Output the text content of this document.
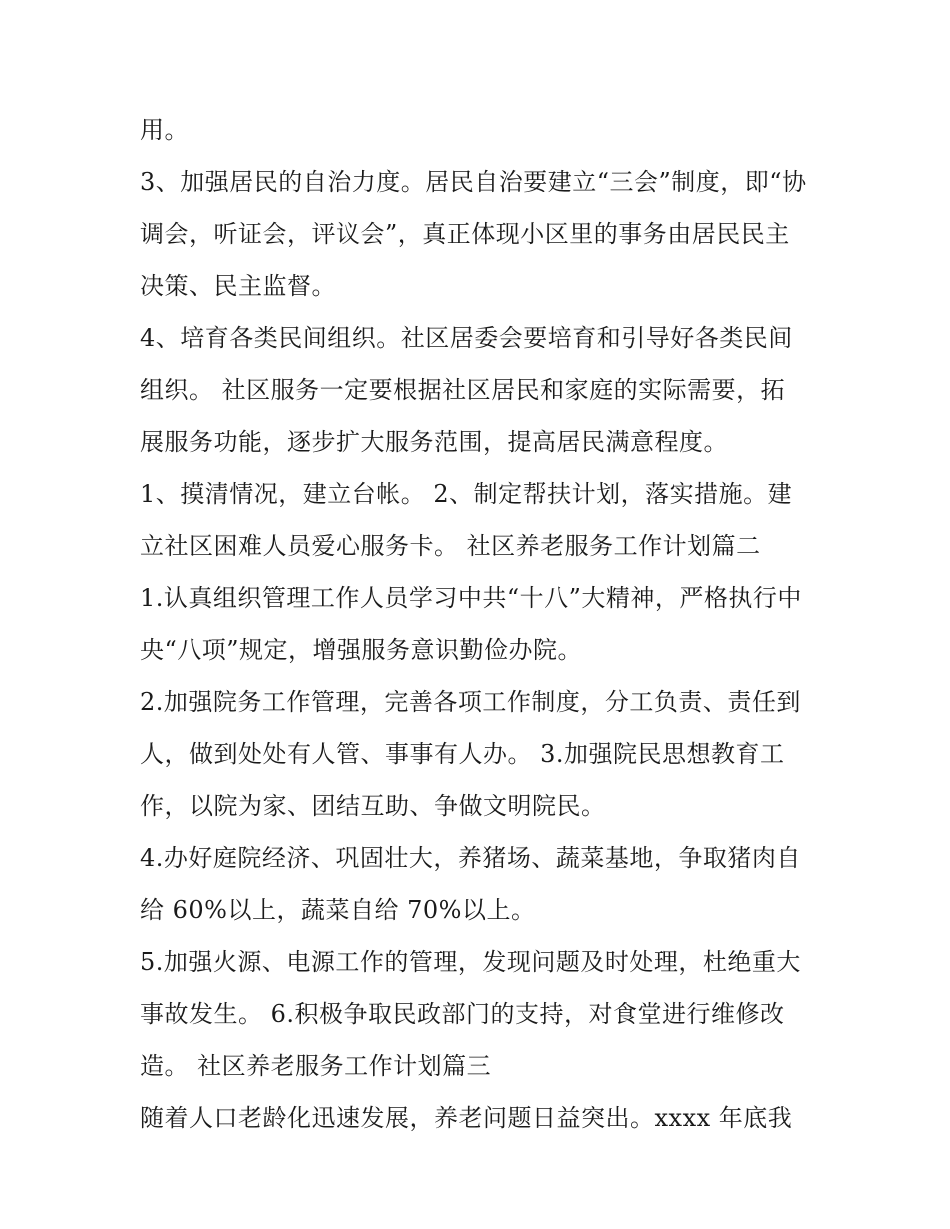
用。
3、加强居民的自治力度。居民自治要建立“三会”制度，即“协
调会，听证会，评议会”，真正体现小区里的事务由居民民主
决策、民主监督。
4、培育各类民间组织。社区居委会要培育和引导好各类民间
组织。 社区服务一定要根据社区居民和家庭的实际需要，拓
展服务功能，逐步扩大服务范围，提高居民满意程度。
1、摸清情况，建立台帐。 2、制定帮扶计划，落实措施。建
立社区困难人员爱心服务卡。 社区养老服务工作计划篇二
1.认真组织管理工作人员学习中共“十八”大精神，严格执行中
央“八项”规定，增强服务意识勤俭办院。
2.加强院务工作管理，完善各项工作制度，分工负责、责任到
人，做到处处有人管、事事有人办。 3.加强院民思想教育工
作，以院为家、团结互助、争做文明院民。
4.办好庭院经济、巩固壮大，养猪场、蔬菜基地，争取猪肉自
给 60%以上，蔬菜自给 70%以上。
5.加强火源、电源工作的管理，发现问题及时处理，杜绝重大
事故发生。 6.积极争取民政部门的支持，对食堂进行维修改
造。 社区养老服务工作计划篇三
随着人口老龄化迅速发展，养老问题日益突出。xxxx 年底我
